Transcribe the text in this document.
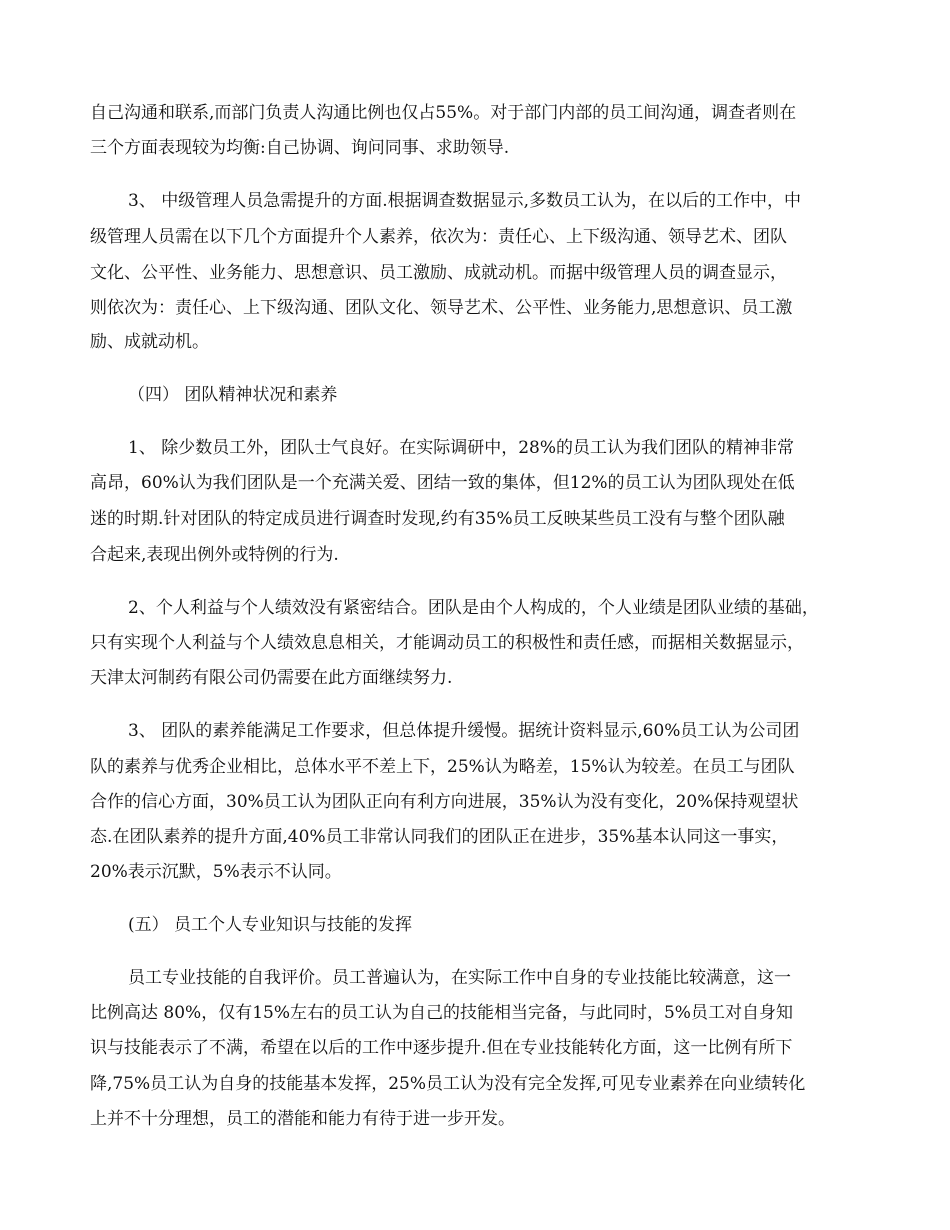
自己沟通和联系,而部门负责人沟通比例也仅占55%。对于部门内部的员工间沟通，调查者则在
三个方面表现较为均衡:自己协调、询问同事、求助领导.
3、 中级管理人员急需提升的方面.根据调查数据显示,多数员工认为，在以后的工作中，中
级管理人员需在以下几个方面提升个人素养，依次为：责任心、上下级沟通、领导艺术、团队
文化、公平性、业务能力、思想意识、员工激励、成就动机。而据中级管理人员的调查显示，
则依次为：责任心、上下级沟通、团队文化、领导艺术、公平性、业务能力,思想意识、员工激
励、成就动机。
（四） 团队精神状况和素养
1、 除少数员工外，团队士气良好。在实际调研中，28%的员工认为我们团队的精神非常
高昂，60%认为我们团队是一个充满关爱、团结一致的集体，但12%的员工认为团队现处在低
迷的时期.针对团队的特定成员进行调查时发现,约有35%员工反映某些员工没有与整个团队融
合起来,表现出例外或特例的行为.
2、个人利益与个人绩效没有紧密结合。团队是由个人构成的，个人业绩是团队业绩的基础，
只有实现个人利益与个人绩效息息相关，才能调动员工的积极性和责任感，而据相关数据显示，
天津太河制药有限公司仍需要在此方面继续努力.
3、 团队的素养能满足工作要求，但总体提升缓慢。据统计资料显示,60%员工认为公司团
队的素养与优秀企业相比，总体水平不差上下，25%认为略差，15%认为较差。在员工与团队
合作的信心方面，30%员工认为团队正向有利方向进展，35%认为没有变化，20%保持观望状
态.在团队素养的提升方面,40%员工非常认同我们的团队正在进步，35%基本认同这一事实，
20%表示沉默，5%表示不认同。
(五） 员工个人专业知识与技能的发挥
员工专业技能的自我评价。员工普遍认为，在实际工作中自身的专业技能比较满意，这一
比例高达 80%，仅有15%左右的员工认为自己的技能相当完备，与此同时，5%员工对自身知
识与技能表示了不满，希望在以后的工作中逐步提升.但在专业技能转化方面，这一比例有所下
降,75%员工认为自身的技能基本发挥，25%员工认为没有完全发挥,可见专业素养在向业绩转化
上并不十分理想，员工的潜能和能力有待于进一步开发。
